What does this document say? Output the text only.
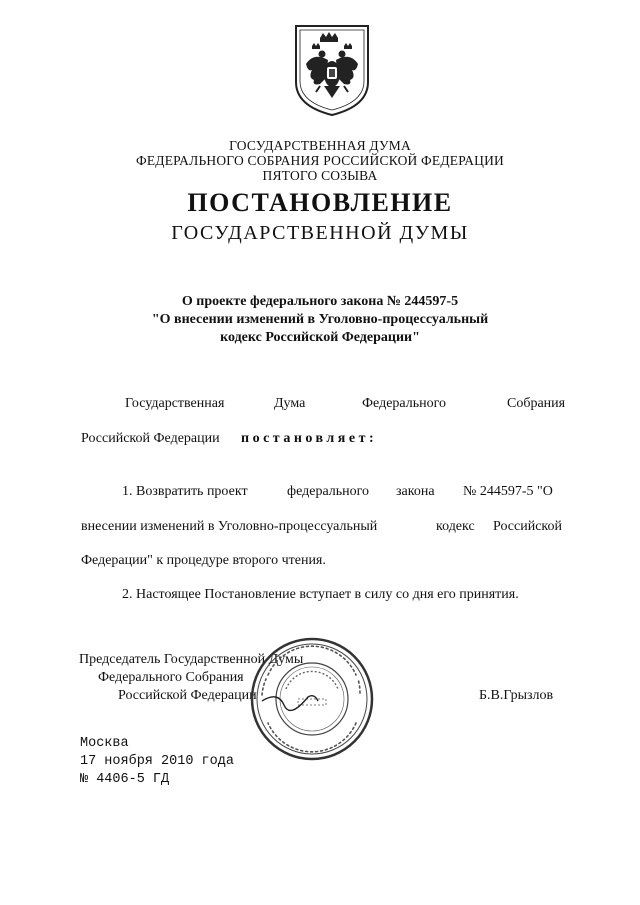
ГОСУДАРСТВЕННАЯ ДУМА
ФЕДЕРАЛЬНОГО СОБРАНИЯ РОССИЙСКОЙ ФЕДЕРАЦИИ
ПЯТОГО СОЗЫВА
ПОСТАНОВЛЕНИЕ
ГОСУДАРСТВЕННОЙ ДУМЫ
О проекте федерального закона № 244597-5
"О внесении изменений в Уголовно-процессуальный
кодекс Российской Федерации"
Государственная	Дума	Федерального	Собрания
Российской Федерации постановляет:
1. Возвратить проект	федерального закона № 244597-5 "О
внесении изменений в Уголовно-процессуальный	кодекс Российской
Федерации" к процедуре второго чтения.
2. Настоящее Постановление вступает в силу со дня его принятия.
Председатель Государственной Думы
Федерального Собрания
Российской Федерации	Б.В.Грызлов
Москва
17 ноября 2010 года
№ 4406-5 ГД
